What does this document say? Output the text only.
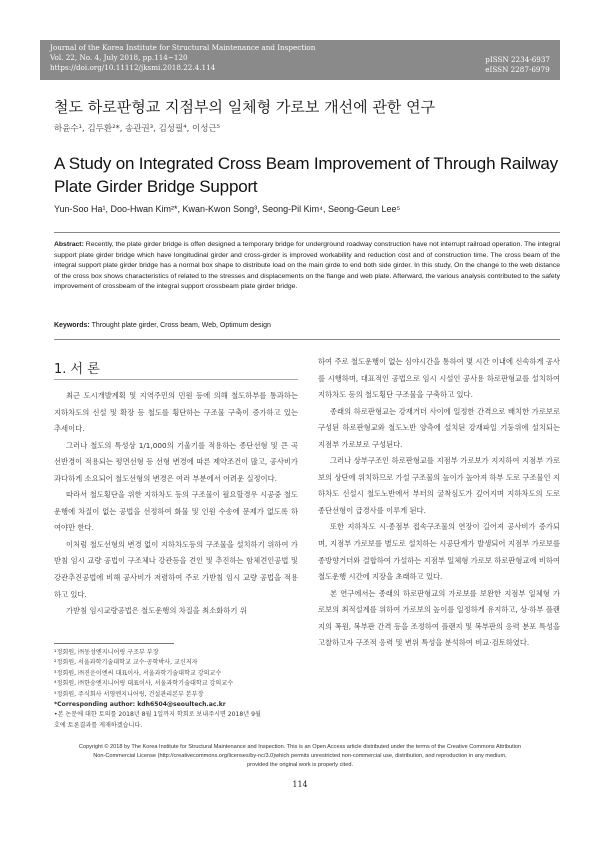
Journal of the Korea Institute for Structural Maintenance and Inspection
Vol. 22, No. 4, July 2018, pp.114~120
https://doi.org/10.11112/jksmi.2018.22.4.114
pISSN 2234-6937
eISSN 2287-6979
철도 하로판형교 지점부의 일체형 가로보 개선에 관한 연구
하윤수¹, 김두환²*, 송관권³, 김성필⁴, 이성근⁵
A Study on Integrated Cross Beam Improvement of Through Railway Plate Girder Bridge Support
Yun-Soo Ha¹, Doo-Hwan Kim²*, Kwan-Kwon Song³, Seong-Pil Kim⁴, Seong-Geun Lee⁵
Abstract: Recently, the plate girder bridge is offen designed a temporary bridge for underground roadway construction have not interrupt railroad operation. The integral support plate girder bridge which have longitudinal girder and cross-girder is improved workability and reduction cost and of construction time. The cross beam of the integral support plate girder bridge has a normal box shape to distribute load on the main girde to end both side girder. In this study, On the change to the web distance of the cross box shows characteristics of related to the stresses and displacements on the flange and web plate. Afterward, the various analysis contributed to the safety improvement of crossbeam of the integral support crossbeam plate girder bridge.
Keywords: Throught plate girder, Cross beam, Web, Optimum design
1. 서 론

최근 도시개발계획 및 지역주민의 민원 등에 의해 철도하부를 통과하는 지하차도의 신설 및 확장 등 철도를 횡단하는 구조물 구축이 증가하고 있는 추세이다.

그러나 철도의 특성상 1/1,000의 기울기를 적용하는 종단선형 및 큰 곡선반경이 적용되는 평면선형 등 선형 변경에 따른 제약조건이 많고, 공사비가 과다하게 소요되어 철도선형의 변경은 여러 부분에서 어려운 실정이다.

따라서 철도횡단을 위한 지하차도 등의 구조물이 필요할경우 시공중 철도운행에 차질이 없는 공법을 선정하여 화물 및 인원 수송에 문제가 없도록 하여야만 한다.

이처럼 철도선형의 변경 없이 지하차도등의 구조물을 설치하기 위하여 가받침 임시 교량 공법이 구조체나 강관등을 견인 및 추진하는 함체견인공법 및 강관추진공법에 비해 공사비가 저렴하여 주로 가받침 임시 교량 공법을 적용하고 있다.

가받침 임시교량공법은 철도운행의 차질을 최소화하기 위

하여 주로 철도운행이 없는 심야시간을 통하여 몇 시간 이내에 신속하게 공사를 시행하며, 대표적인 공법으로 임시 시설인 공사용 하로판형교를 설치하여 지하차도 등의 철도횡단 구조물을 구축하고 있다.

종래의 하로판형교는 강재거더 사이에 일정한 간격으로 배치한 가로보로 구성된 하로판형교와 철도노반 양측에 설치된 강재파일 기둥위에 설치되는 지점부 가로보로 구성된다.

그러나 상부구조인 하로판형교를 지점부 가로보가 지지하여 지점부 가로보의 상단에 위치하므로 가설 구조물의 높이가 높아져 하부 도로 구조물인 지하차도 신설시 철도노반에서 부터의 굴착심도가 깊어지며 지하차도의 도로 종단선형이 급경사를 이루게 된다.

또한 지하차도 시·종점부 접속구조물의 연장이 길어져 공사비가 증가되며, 지점부 가로보를 별도로 설치하는 시공단계가 발생되어 지점부 가로보를 종방향거더와 결합하여 가설하는 지점부 일체형 가로보 하로판형교에 비하여 철도운행 시간에 지장을 초래하고 있다.

본 연구에서는 종래의 하로판형교의 가로보를 보완한 지점부 일체형 가로보의 최적설계를 위하여 가로보의 높이를 일정하게 유지하고, 상·하부 플랜지의 폭원, 복부판 간격 등을 조정하여 플랜지 및 복부판의 응력 분포 특성을 고찰하고자 구조적 응력 및 변위 특성을 분석하여 비교·검토하였다.

¹정회원, ㈜동성엔지니어링 구조부 부장
²정회원, 서울과학기술대학교 교수·공학박사, 교신저자
³정회원, ㈜진운이엔씨 대표이사, 서울과학기술대학교 강의교수
⁴정회원, ㈜한숭엔지니어링 대표이사, 서울과학기술대학교 강의교수
⁵정회원, 주식회사 서영엔지니어링, 건설관리본부 본부장
*Corresponding author: kdh6504@seoultech.ac.kr
•본 논문에 대한 토의를 2018년 8월 1일까지 학회로 보내주시면 2018년 9월
호에 토론결과를 게재하겠습니다.
Copyright © 2018 by The Korea Institute for Structural Maintenance and Inspection. This is an Open Access article distributed under the terms of the Creative Commons Attribution
Non-Commercial License (http://creativecommons.org/licenses/by-nc/3.0)which permits unrestricted non-commercial use, distribution, and reproduction in any medium,
provided the original work is properly cited.
114
